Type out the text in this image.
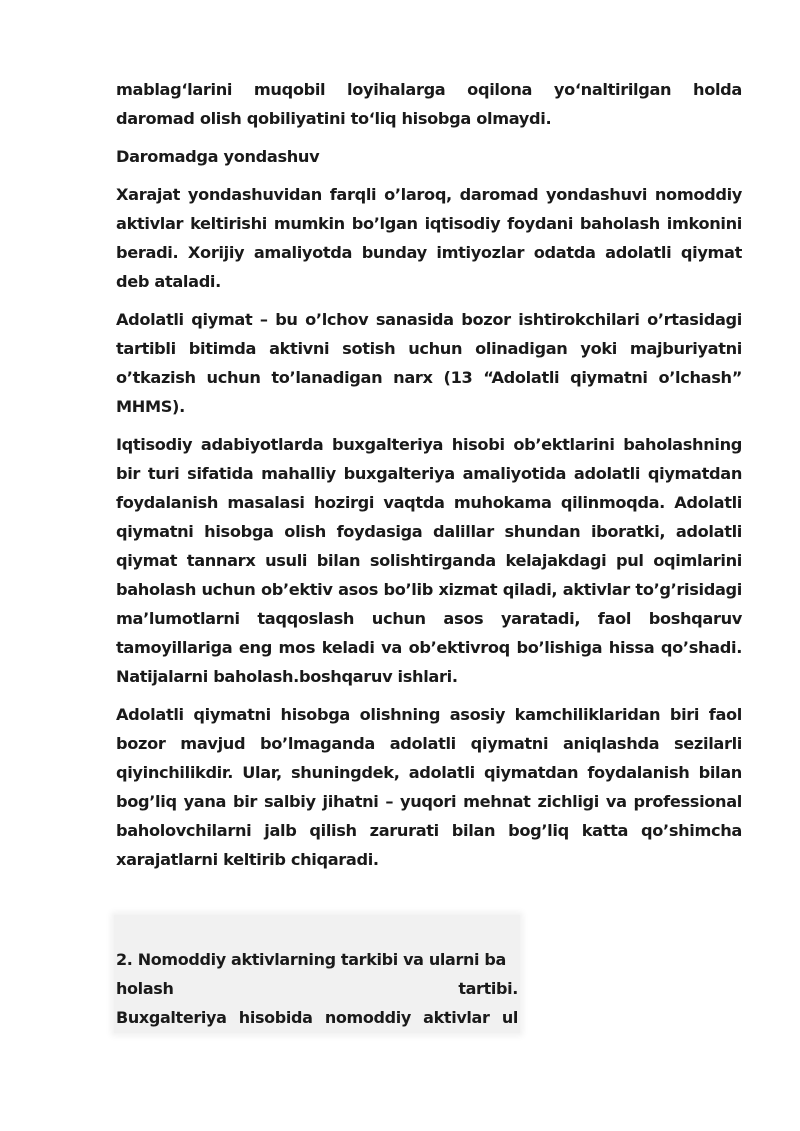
mablag‘larini muqobil loyihalarga oqilona yo‘naltirilgan holda daromad olish qobiliyatini to‘liq hisobga olmaydi.

Daromadga yondashuv

Xarajat yondashuvidan farqli o’laroq, daromad yondashuvi nomoddiy aktivlar keltirishi mumkin bo’lgan iqtisodiy foydani baholash imkonini beradi. Xorijiy amaliyotda bunday imtiyozlar odatda adolatli qiymat deb ataladi.

Adolatli qiymat – bu o’lchov sanasida bozor ishtirokchilari o’rtasidagi tartibli bitimda aktivni sotish uchun olinadigan yoki majburiyatni o’tkazish uchun to’lanadigan narx (13 “Adolatli qiymatni o’lchash” MHMS).

Iqtisodiy adabiyotlarda buxgalteriya hisobi ob’ektlarini baholashning bir turi sifatida mahalliy buxgalteriya amaliyotida adolatli qiymatdan foydalanish masalasi hozirgi vaqtda muhokama qilinmoqda. Adolatli qiymatni hisobga olish foydasiga dalillar shundan iboratki, adolatli qiymat tannarx usuli bilan solishtirganda kelajakdagi pul oqimlarini baholash uchun ob’ektiv asos bo’lib xizmat qiladi, aktivlar to’g’risidagi ma’lumotlarni taqqoslash uchun asos yaratadi, faol boshqaruv tamoyillariga eng mos keladi va ob’ektivroq bo’lishiga hissa qo’shadi. Natijalarni baholash.boshqaruv ishlari.

Adolatli qiymatni hisobga olishning asosiy kamchiliklaridan biri faol bozor mavjud bo’lmaganda adolatli qiymatni aniqlashda sezilarli qiyinchilikdir. Ular, shuningdek, adolatli qiymatdan foydalanish bilan bog’liq yana bir salbiy jihatni – yuqori mehnat zichligi va professional baholovchilarni jalb qilish zarurati bilan bog’liq katta qo’shimcha xarajatlarni keltirib chiqaradi.

2. Nomoddiy aktivlarning tarkibi va ularni ba
holash	tartibi.
Buxgalteriya hisobida nomoddiy aktivlar ul
